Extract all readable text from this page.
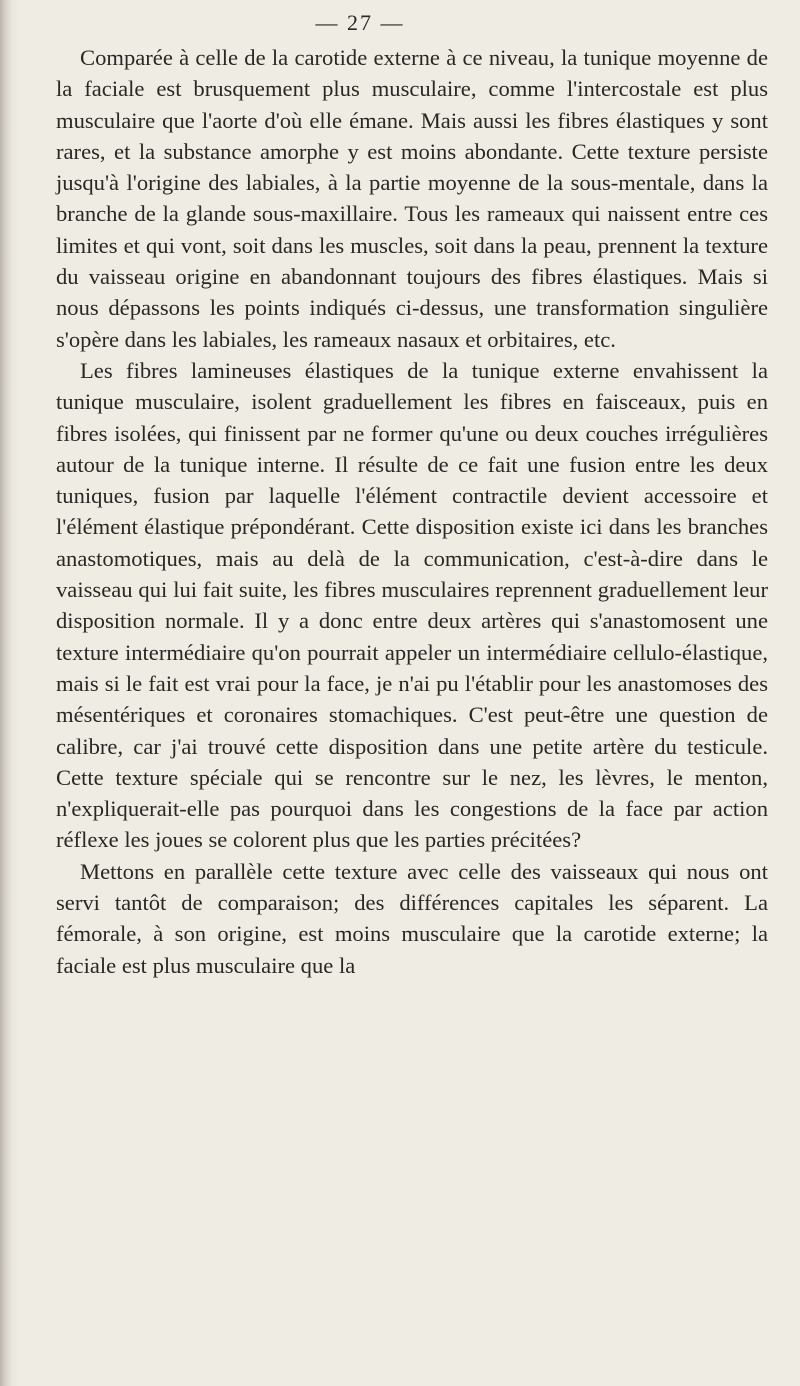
— 27 —

Comparée à celle de la carotide externe à ce niveau, la tunique moyenne de la faciale est brusquement plus musculaire, comme l'intercostale est plus musculaire que l'aorte d'où elle émane. Mais aussi les fibres élastiques y sont rares, et la substance amorphe y est moins abondante. Cette texture persiste jusqu'à l'origine des labiales, à la partie moyenne de la sous-mentale, dans la branche de la glande sous-maxillaire. Tous les rameaux qui naissent entre ces limites et qui vont, soit dans les muscles, soit dans la peau, prennent la texture du vaisseau origine en abandonnant toujours des fibres élastiques. Mais si nous dépassons les points indiqués ci-dessus, une transformation singulière s'opère dans les labiales, les rameaux nasaux et orbitaires, etc.

Les fibres lamineuses élastiques de la tunique externe envahissent la tunique musculaire, isolent graduellement les fibres en faisceaux, puis en fibres isolées, qui finissent par ne former qu'une ou deux couches irrégulières autour de la tunique interne. Il résulte de ce fait une fusion entre les deux tuniques, fusion par laquelle l'élément contractile devient accessoire et l'élément élastique prépondérant. Cette disposition existe ici dans les branches anastomotiques, mais au delà de la communication, c'est-à-dire dans le vaisseau qui lui fait suite, les fibres musculaires reprennent graduellement leur disposition normale. Il y a donc entre deux artères qui s'anastomosent une texture intermédiaire qu'on pourrait appeler un intermédiaire cellulo-élastique, mais si le fait est vrai pour la face, je n'ai pu l'établir pour les anastomoses des mésentériques et coronaires stomachiques. C'est peut-être une question de calibre, car j'ai trouvé cette disposition dans une petite artère du testicule. Cette texture spéciale qui se rencontre sur le nez, les lèvres, le menton, n'expliquerait-elle pas pourquoi dans les congestions de la face par action réflexe les joues se colorent plus que les parties précitées?

Mettons en parallèle cette texture avec celle des vaisseaux qui nous ont servi tantôt de comparaison; des différences capitales les séparent. La fémorale, à son origine, est moins musculaire que la carotide externe; la faciale est plus musculaire que la
